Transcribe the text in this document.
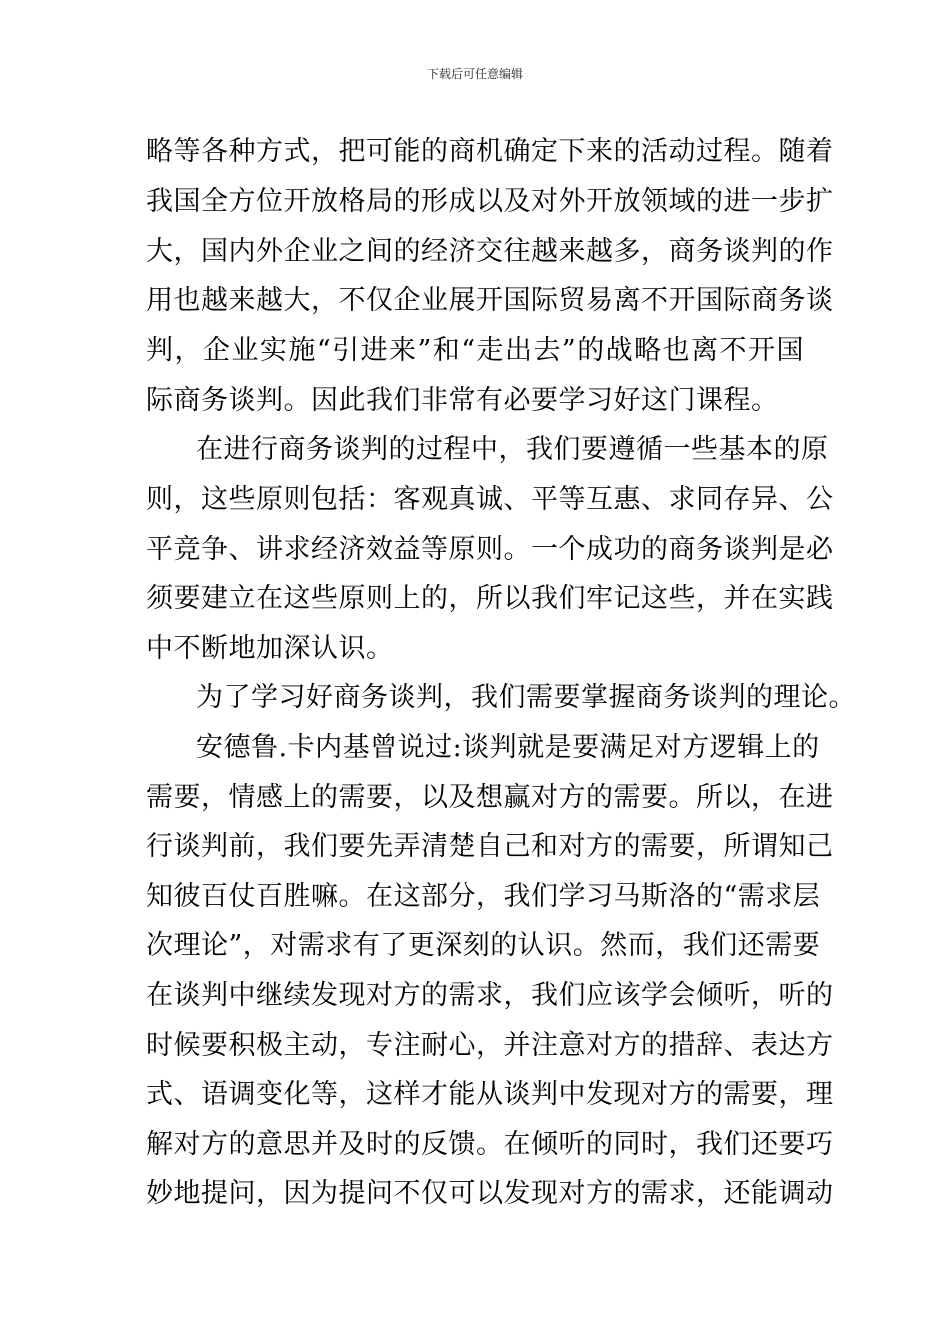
下载后可任意编辑
略等各种方式，把可能的商机确定下来的活动过程。随着
我国全方位开放格局的形成以及对外开放领域的进一步扩
大，国内外企业之间的经济交往越来越多，商务谈判的作
用也越来越大，不仅企业展开国际贸易离不开国际商务谈
判，企业实施“引进来”和“走出去”的战略也离不开国
际商务谈判。因此我们非常有必要学习好这门课程。
在进行商务谈判的过程中，我们要遵循一些基本的原
则，这些原则包括：客观真诚、平等互惠、求同存异、公
平竞争、讲求经济效益等原则。一个成功的商务谈判是必
须要建立在这些原则上的，所以我们牢记这些，并在实践
中不断地加深认识。
为了学习好商务谈判，我们需要掌握商务谈判的理论。
安德鲁.卡内基曾说过:谈判就是要满足对方逻辑上的
需要，情感上的需要，以及想赢对方的需要。所以，在进
行谈判前，我们要先弄清楚自己和对方的需要，所谓知己
知彼百仗百胜嘛。在这部分，我们学习马斯洛的“需求层
次理论”，对需求有了更深刻的认识。然而，我们还需要
在谈判中继续发现对方的需求，我们应该学会倾听，听的
时候要积极主动，专注耐心，并注意对方的措辞、表达方
式、语调变化等，这样才能从谈判中发现对方的需要，理
解对方的意思并及时的反馈。在倾听的同时，我们还要巧
妙地提问，因为提问不仅可以发现对方的需求，还能调动
